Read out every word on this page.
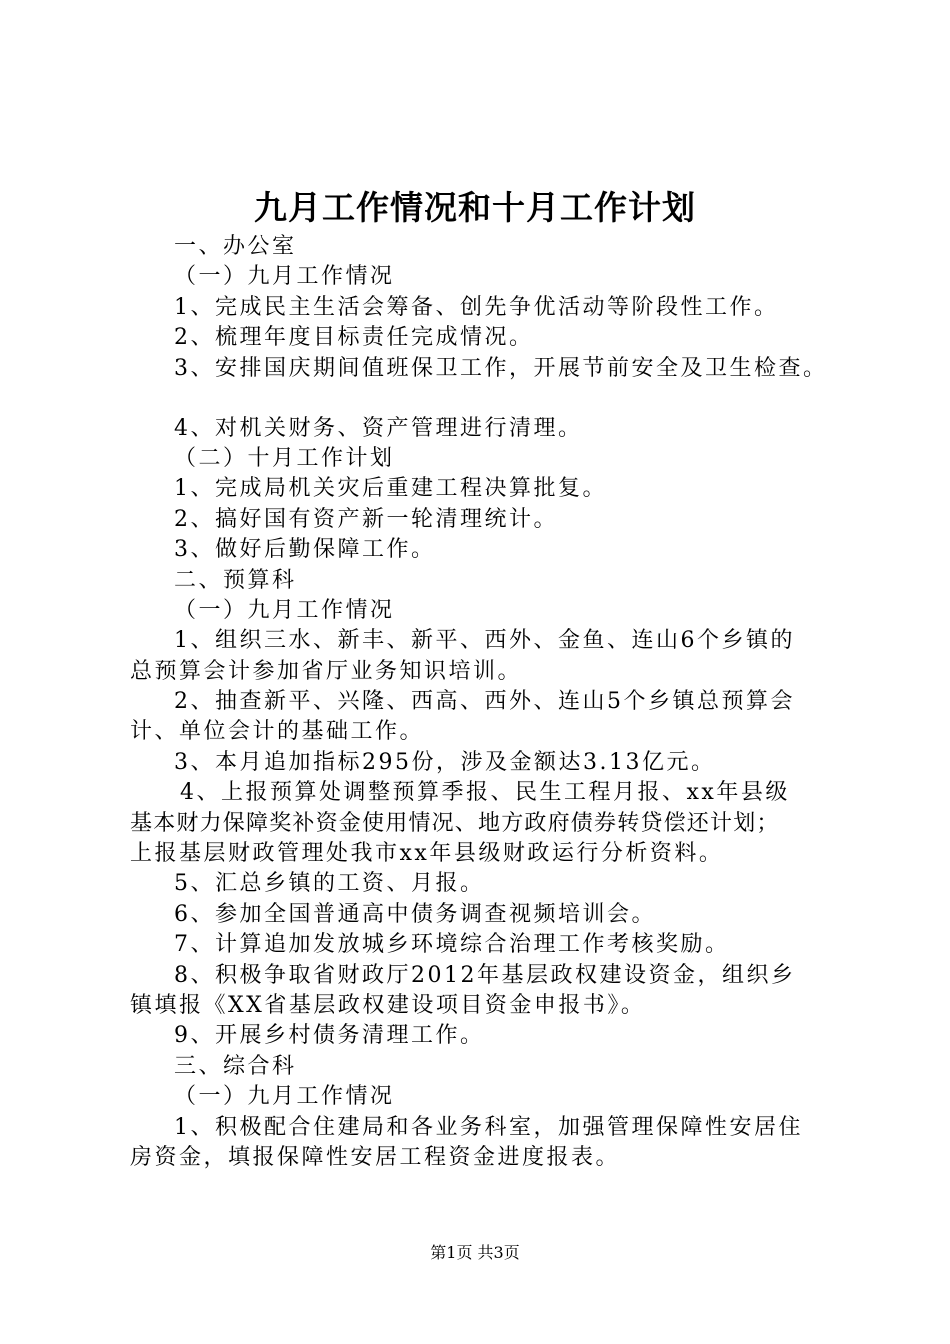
九月工作情况和十月工作计划
一、办公室
（一）九月工作情况
1、完成民主生活会筹备、创先争优活动等阶段性工作。
2、梳理年度目标责任完成情况。
3、安排国庆期间值班保卫工作，开展节前安全及卫生检查。
4、对机关财务、资产管理进行清理。
（二）十月工作计划
1、完成局机关灾后重建工程决算批复。
2、搞好国有资产新一轮清理统计。
3、做好后勤保障工作。
二、预算科
（一）九月工作情况
1、组织三水、新丰、新平、西外、金鱼、连山6个乡镇的
总预算会计参加省厅业务知识培训。
2、抽查新平、兴隆、西高、西外、连山5个乡镇总预算会
计、单位会计的基础工作。
3、本月追加指标295份，涉及金额达3.13亿元。
4、上报预算处调整预算季报、民生工程月报、xx年县级
基本财力保障奖补资金使用情况、地方政府债券转贷偿还计划；
上报基层财政管理处我市xx年县级财政运行分析资料。
5、汇总乡镇的工资、月报。
6、参加全国普通高中债务调查视频培训会。
7、计算追加发放城乡环境综合治理工作考核奖励。
8、积极争取省财政厅2012年基层政权建设资金，组织乡
镇填报《XX省基层政权建设项目资金申报书》。
9、开展乡村债务清理工作。
三、综合科
（一）九月工作情况
1、积极配合住建局和各业务科室，加强管理保障性安居住
房资金，填报保障性安居工程资金进度报表。
第1页 共3页
